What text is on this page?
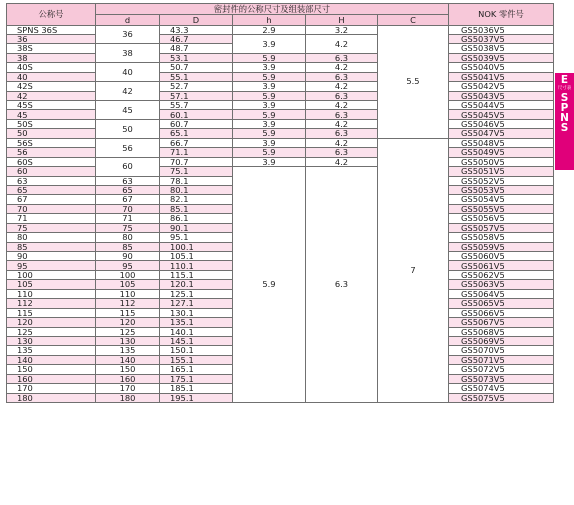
公称号	密封件的公称尺寸及组装部尺寸					NOK 零件号
	d	D	h	H	C	
SPNS 36S	36	43.3	2.9	3.2	5.5	GS5036V5
36		46.7	3.9	4.2		GS5037V5
38S	38	48.7				GS5038V5
38		53.1	5.9	6.3		GS5039V5
40S	40	50.7	3.9	4.2		GS5040V5
40		55.1	5.9	6.3		GS5041V5
42S	42	52.7	3.9	4.2		GS5042V5
42		57.1	5.9	6.3		GS5043V5
45S	45	55.7	3.9	4.2		GS5044V5
45		60.1	5.9	6.3		GS5045V5
50S	50	60.7	3.9	4.2		GS5046V5
50		65.1	5.9	6.3		GS5047V5
56S	56	66.7	3.9	4.2	7	GS5048V5
56		71.1	5.9	6.3		GS5049V5
60S	60	70.7	3.9	4.2		GS5050V5
60		75.1	5.9	6.3		GS5051V5
63	63	78.1				GS5052V5
65	65	80.1				GS5053V5
67	67	82.1				GS5054V5
70	70	85.1				GS5055V5
71	71	86.1				GS5056V5
75	75	90.1				GS5057V5
80	80	95.1				GS5058V5
85	85	100.1				GS5059V5
90	90	105.1				GS5060V5
95	95	110.1				GS5061V5
100	100	115.1				GS5062V5
105	105	120.1				GS5063V5
110	110	125.1				GS5064V5
112	112	127.1				GS5065V5
115	115	130.1				GS5066V5
120	120	135.1				GS5067V5
125	125	140.1				GS5068V5
130	130	145.1				GS5069V5
135	135	150.1				GS5070V5
140	140	155.1				GS5071V5
150	150	165.1				GS5072V5
160	160	175.1				GS5073V5
170	170	185.1				GS5074V5
180	180	195.1				GS5075V5
E
尺寸表
S
P
N
S
